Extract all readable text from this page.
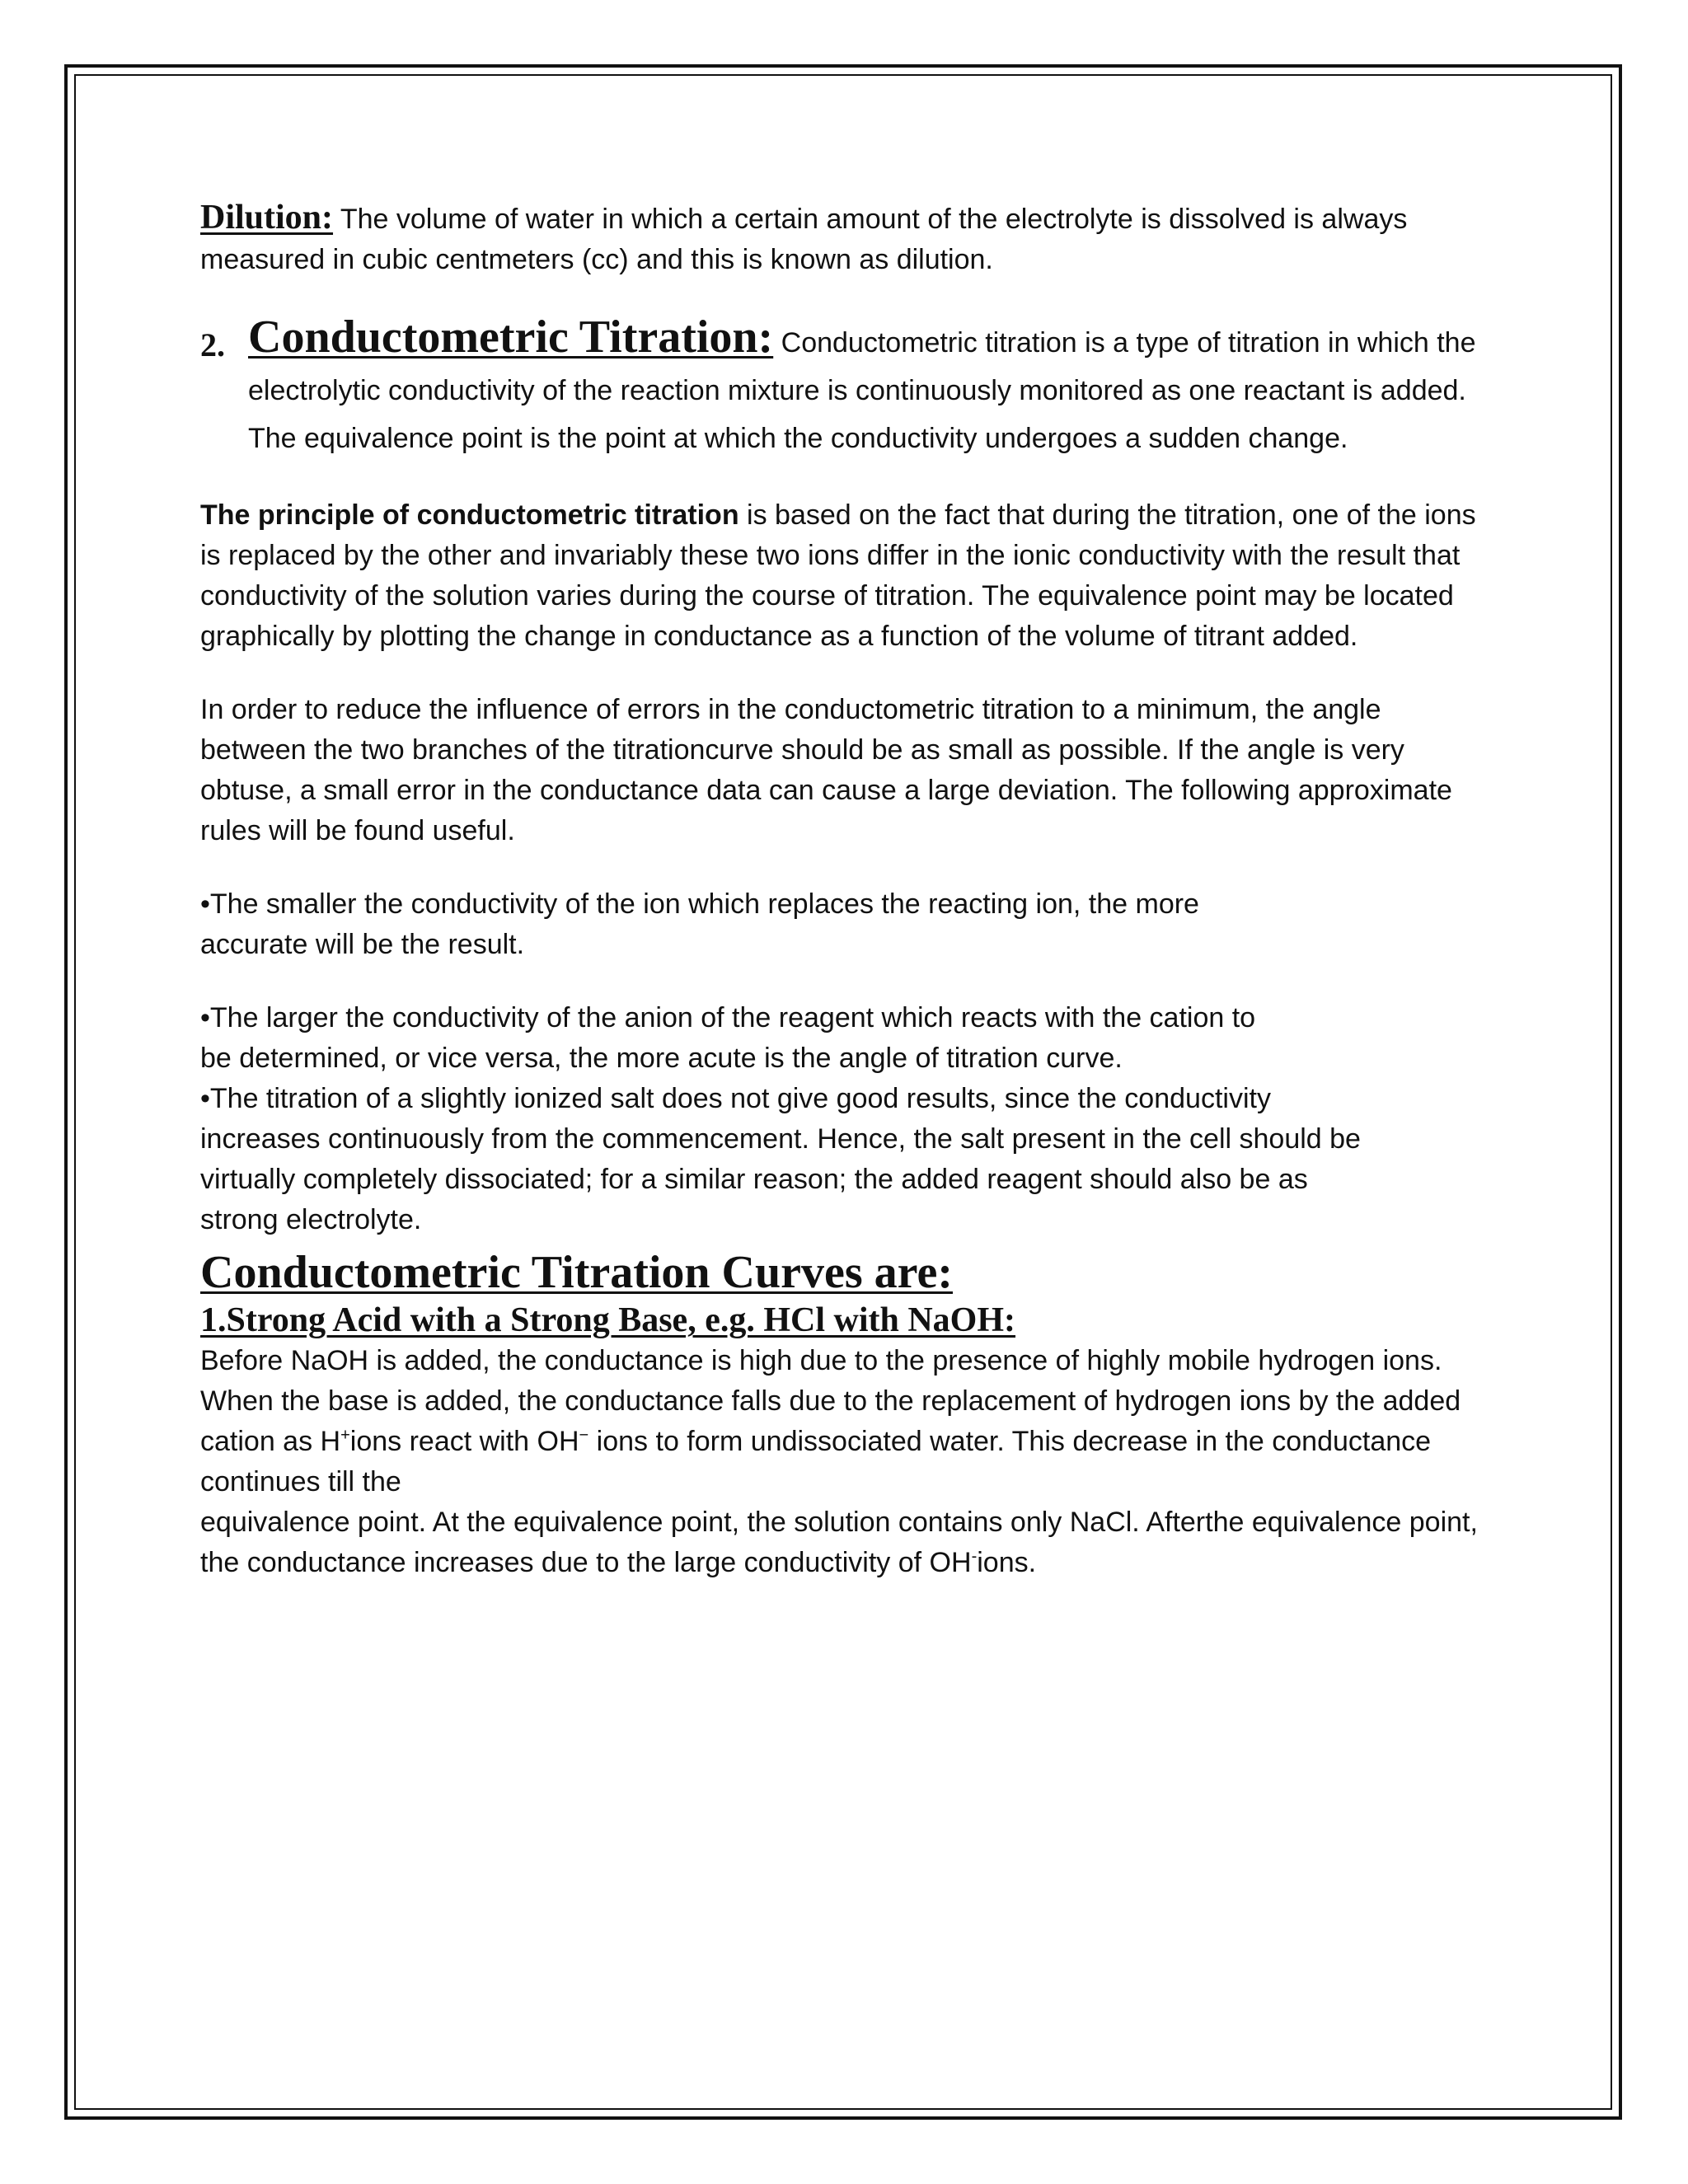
Dilution: The volume of water in which a certain amount of the electrolyte is dissolved is always measured in cubic centmeters (cc) and this is known as dilution.

2. Conductometric Titration: Conductometric titration is a type of titration in which the electrolytic conductivity of the reaction mixture is continuously monitored as one reactant is added. The equivalence point is the point at which the conductivity undergoes a sudden change.

The principle of conductometric titration is based on the fact that during the titration, one of the ions is replaced by the other and invariably these two ions differ in the ionic conductivity with the result that conductivity of the solution varies during the course of titration. The equivalence point may be located graphically by plotting the change in conductance as a function of the volume of titrant added.

In order to reduce the influence of errors in the conductometric titration to a minimum, the angle between the two branches of the titrationcurve should be as small as possible. If the angle is very obtuse, a small error in the conductance data can cause a large deviation. The following approximate rules will be found useful.

•The smaller the conductivity of the ion which replaces the reacting ion, the more accurate will be the result.

•The larger the conductivity of the anion of the reagent which reacts with the cation to be determined, or vice versa, the more acute is the angle of titration curve.

•The titration of a slightly ionized salt does not give good results, since the conductivity increases continuously from the commencement. Hence, the salt present in the cell should be virtually completely dissociated; for a similar reason; the added reagent should also be as strong electrolyte.

Conductometric Titration Curves are:
1.Strong Acid with a Strong Base, e.g. HCl with NaOH:

Before NaOH is added, the conductance is high due to the presence of highly mobile hydrogen ions. When the base is added, the conductance falls due to the replacement of hydrogen ions by the added cation as H+ions react with OH− ions to form undissociated water. This decrease in the conductance continues till the

equivalence point. At the equivalence point, the solution contains only NaCl. Afterthe equivalence point, the conductance increases due to the large conductivity of OH-ions.
